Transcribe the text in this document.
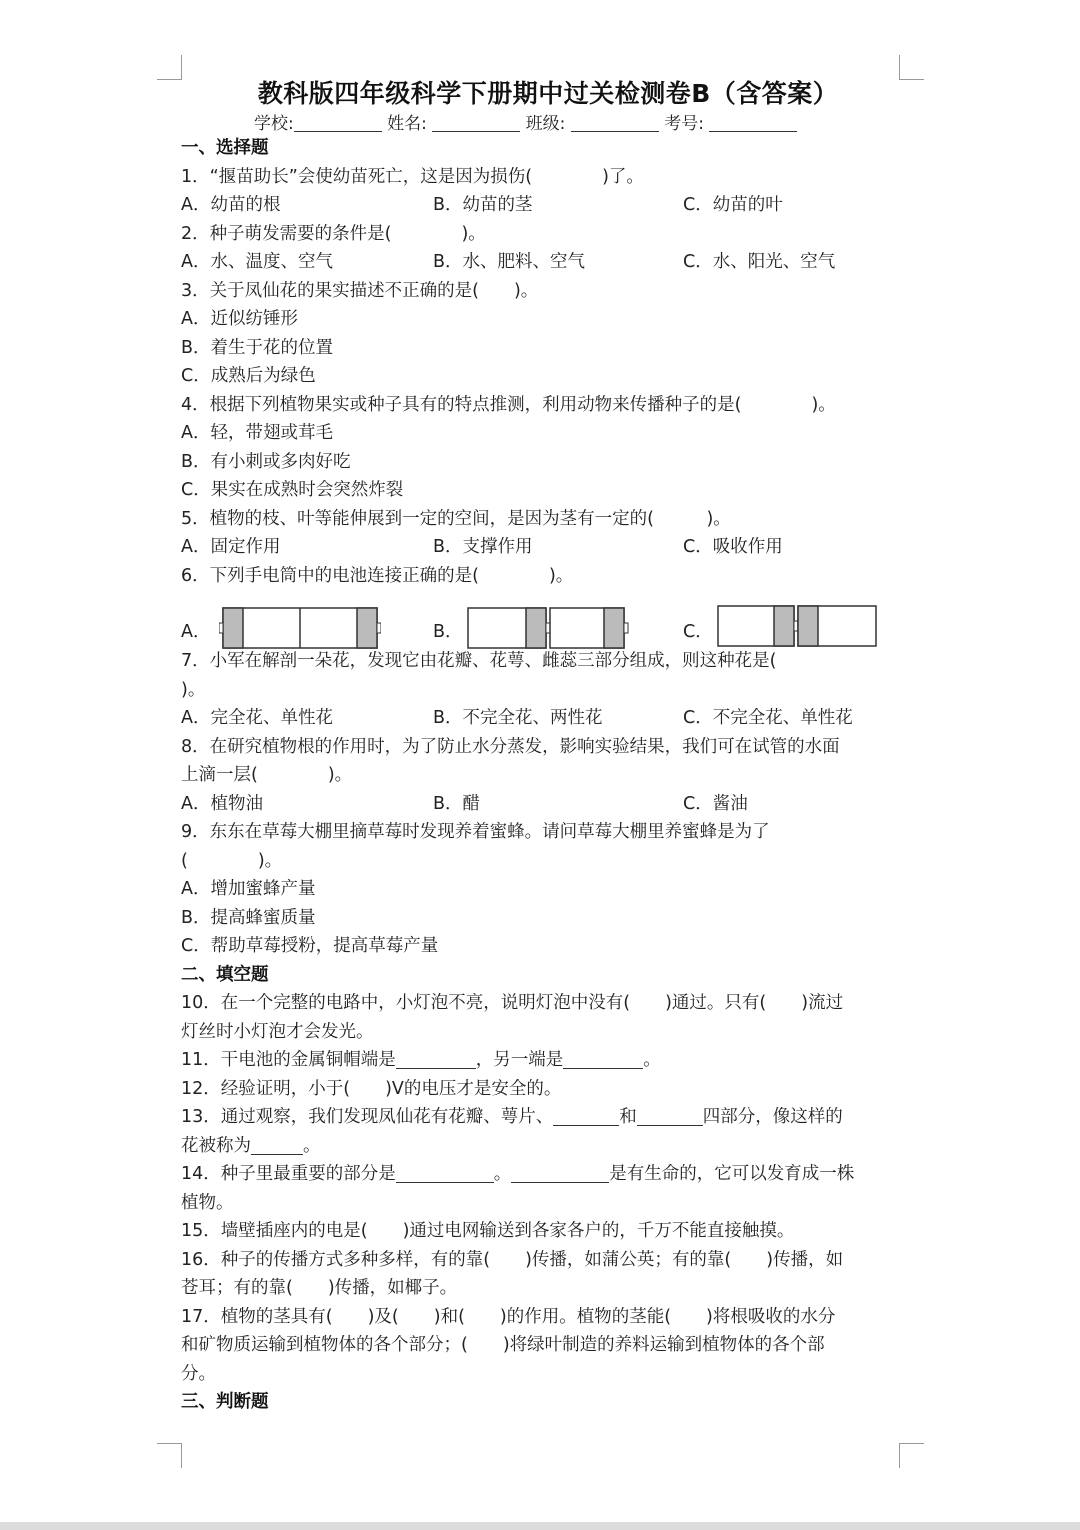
教科版四年级科学下册期中过关检测卷B（含答案）
学校:	姓名:	班级:	考号:
一、选择题
1．“揠苗助长”会使幼苗死亡，这是因为损伤(　　　　)了。
A．幼苗的根	B．幼苗的茎	C．幼苗的叶
2．种子萌发需要的条件是(　　　　)。
A．水、温度、空气	B．水、肥料、空气	C．水、阳光、空气
3．关于凤仙花的果实描述不正确的是(　　)。
A．近似纺锤形
B．着生于花的位置
C．成熟后为绿色
4．根据下列植物果实或种子具有的特点推测，利用动物来传播种子的是(　　　　)。
A．轻，带翅或茸毛
B．有小刺或多肉好吃
C．果实在成熟时会突然炸裂
5．植物的枝、叶等能伸展到一定的空间，是因为茎有一定的(　　　)。
A．固定作用	B．支撑作用	C．吸收作用
6．下列手电筒中的电池连接正确的是(　　　　)。
A．	B．	C．
7．小军在解剖一朵花，发现它由花瓣、花萼、雌蕊三部分组成，则这种花是(
)。
A．完全花、单性花	B．不完全花、两性花	C．不完全花、单性花
8．在研究植物根的作用时，为了防止水分蒸发，影响实验结果，我们可在试管的水面
上滴一层(　　　　)。
A．植物油	B．醋	C．酱油
9．东东在草莓大棚里摘草莓时发现养着蜜蜂。请问草莓大棚里养蜜蜂是为了
(　　　　)。
A．增加蜜蜂产量
B．提高蜂蜜质量
C．帮助草莓授粉，提高草莓产量
二、填空题
10．在一个完整的电路中，小灯泡不亮，说明灯泡中没有(　　)通过。只有(　　)流过
灯丝时小灯泡才会发光。
11．干电池的金属铜帽端是	，另一端是	。
12．经验证明，小于(　　)V的电压才是安全的。
13．通过观察，我们发现凤仙花有花瓣、萼片、	和	四部分，像这样的
花被称为	。
14．种子里最重要的部分是	。	是有生命的，它可以发育成一株
植物。
15．墙壁插座内的电是(　　)通过电网输送到各家各户的，千万不能直接触摸。
16．种子的传播方式多种多样，有的靠(　　)传播，如蒲公英；有的靠(　　)传播，如
苍耳；有的靠(　　)传播，如椰子。
17．植物的茎具有(　　)及(　　)和(　　)的作用。植物的茎能(　　)将根吸收的水分
和矿物质运输到植物体的各个部分；(　　)将绿叶制造的养料运输到植物体的各个部
分。
三、判断题
